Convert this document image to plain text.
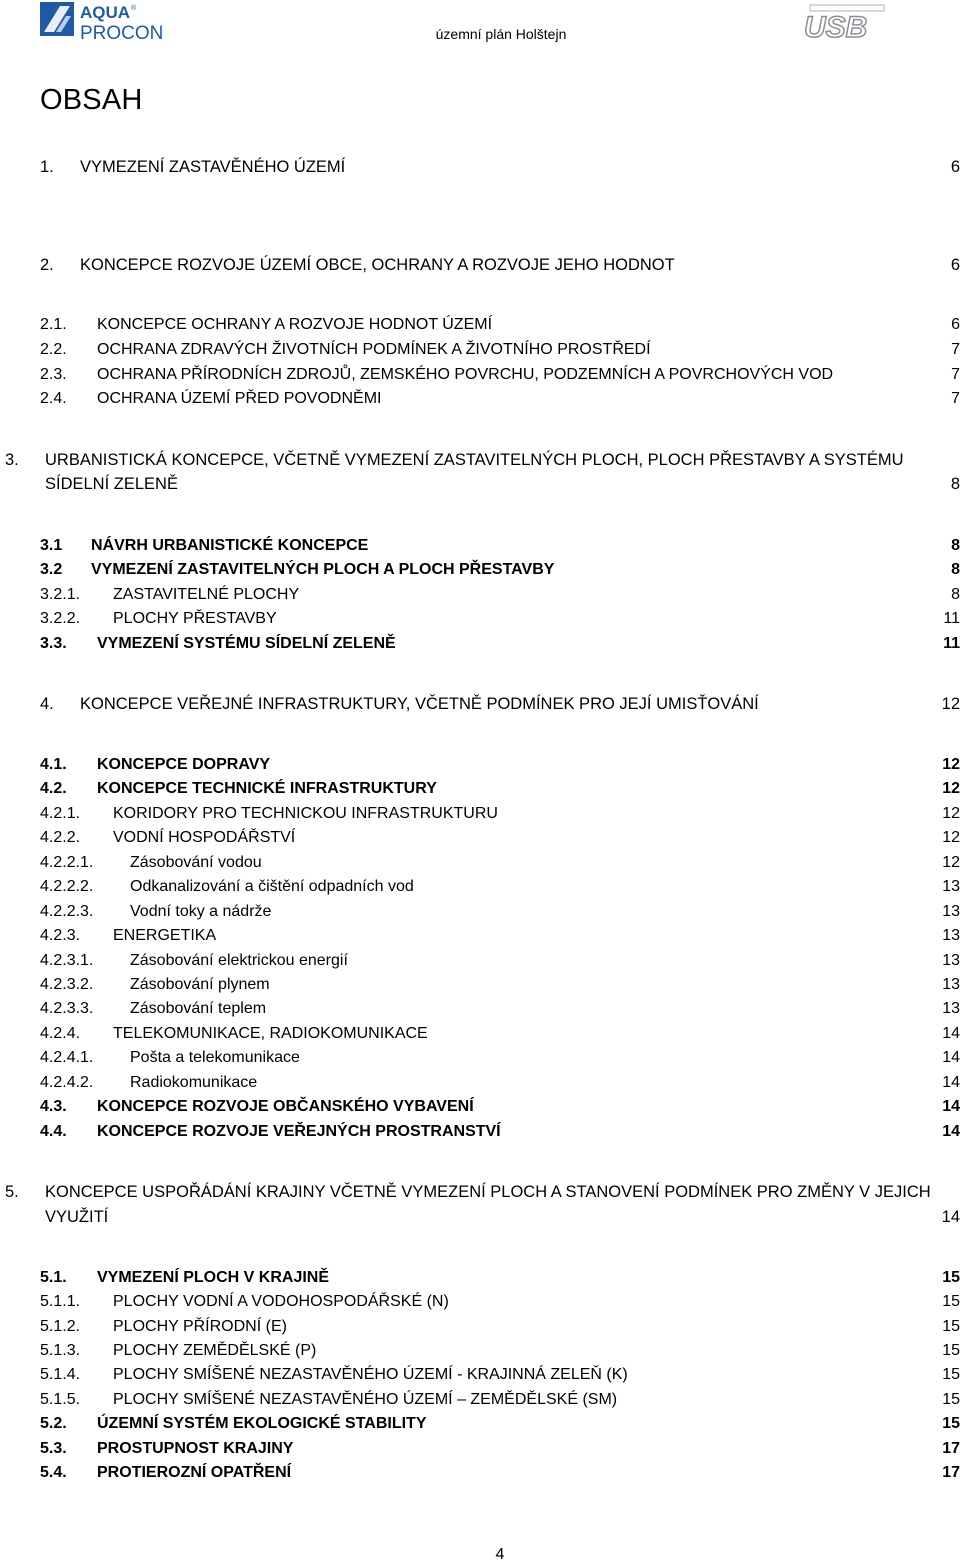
AQUA ®
PROCON	územní plán Holštejn	USB
OBSAH
1. VYMEZENÍ ZASTAVĚNÉHO ÚZEMÍ	6
2. KONCEPCE ROZVOJE ÚZEMÍ OBCE, OCHRANY A ROZVOJE JEHO HODNOT	6
2.1. KONCEPCE OCHRANY A ROZVOJE HODNOT ÚZEMÍ	6
2.2. OCHRANA ZDRAVÝCH ŽIVOTNÍCH PODMÍNEK A ŽIVOTNÍHO PROSTŘEDÍ	7
2.3. OCHRANA PŘÍRODNÍCH ZDROJŮ, ZEMSKÉHO POVRCHU, PODZEMNÍCH A POVRCHOVÝCH VOD	7
2.4. OCHRANA ÚZEMÍ PŘED POVODNĚMI	7
3. URBANISTICKÁ KONCEPCE, VČETNĚ VYMEZENÍ ZASTAVITELNÝCH PLOCH, PLOCH PŘESTAVBY A SYSTÉMU
SÍDELNÍ ZELENĚ	8
3.1 NÁVRH URBANISTICKÉ KONCEPCE	8
3.2 VYMEZENÍ ZASTAVITELNÝCH PLOCH A PLOCH PŘESTAVBY	8
3.2.1. ZASTAVITELNÉ PLOCHY	8
3.2.2. PLOCHY PŘESTAVBY	11
3.3. VYMEZENÍ SYSTÉMU SÍDELNÍ ZELENĚ	11
4. KONCEPCE VEŘEJNÉ INFRASTRUKTURY, VČETNĚ PODMÍNEK PRO JEJÍ UMISŤOVÁNÍ	12
4.1. KONCEPCE DOPRAVY	12
4.2. KONCEPCE TECHNICKÉ INFRASTRUKTURY	12
4.2.1. KORIDORY PRO TECHNICKOU INFRASTRUKTURU	12
4.2.2. VODNÍ HOSPODÁŘSTVÍ	12
4.2.2.1. Zásobování vodou	12
4.2.2.2. Odkanalizování a čištění odpadních vod	13
4.2.2.3. Vodní toky a nádrže	13
4.2.3. ENERGETIKA	13
4.2.3.1. Zásobování elektrickou energií	13
4.2.3.2. Zásobování plynem	13
4.2.3.3. Zásobování teplem	13
4.2.4. TELEKOMUNIKACE, RADIOKOMUNIKACE	14
4.2.4.1. Pošta a telekomunikace	14
4.2.4.2. Radiokomunikace	14
4.3. KONCEPCE ROZVOJE OBČANSKÉHO VYBAVENÍ	14
4.4. KONCEPCE ROZVOJE VEŘEJNÝCH PROSTRANSTVÍ	14
5. KONCEPCE USPOŘÁDÁNÍ KRAJINY VČETNĚ VYMEZENÍ PLOCH A STANOVENÍ PODMÍNEK PRO ZMĚNY V JEJICH
VYUŽITÍ	14
5.1. VYMEZENÍ PLOCH V KRAJINĚ	15
5.1.1. PLOCHY VODNÍ A VODOHOSPODÁŘSKÉ (N)	15
5.1.2. PLOCHY PŘÍRODNÍ (E)	15
5.1.3. PLOCHY ZEMĚDĚLSKÉ (P)	15
5.1.4. PLOCHY SMÍŠENÉ NEZASTAVĚNÉHO ÚZEMÍ - KRAJINNÁ ZELEŇ (K)	15
5.1.5. PLOCHY SMÍŠENÉ NEZASTAVĚNÉHO ÚZEMÍ – ZEMĚDĚLSKÉ (SM)	15
5.2. ÚZEMNÍ SYSTÉM EKOLOGICKÉ STABILITY	15
5.3. PROSTUPNOST KRAJINY	17
5.4. PROTIEROZNÍ OPATŘENÍ	17
4
